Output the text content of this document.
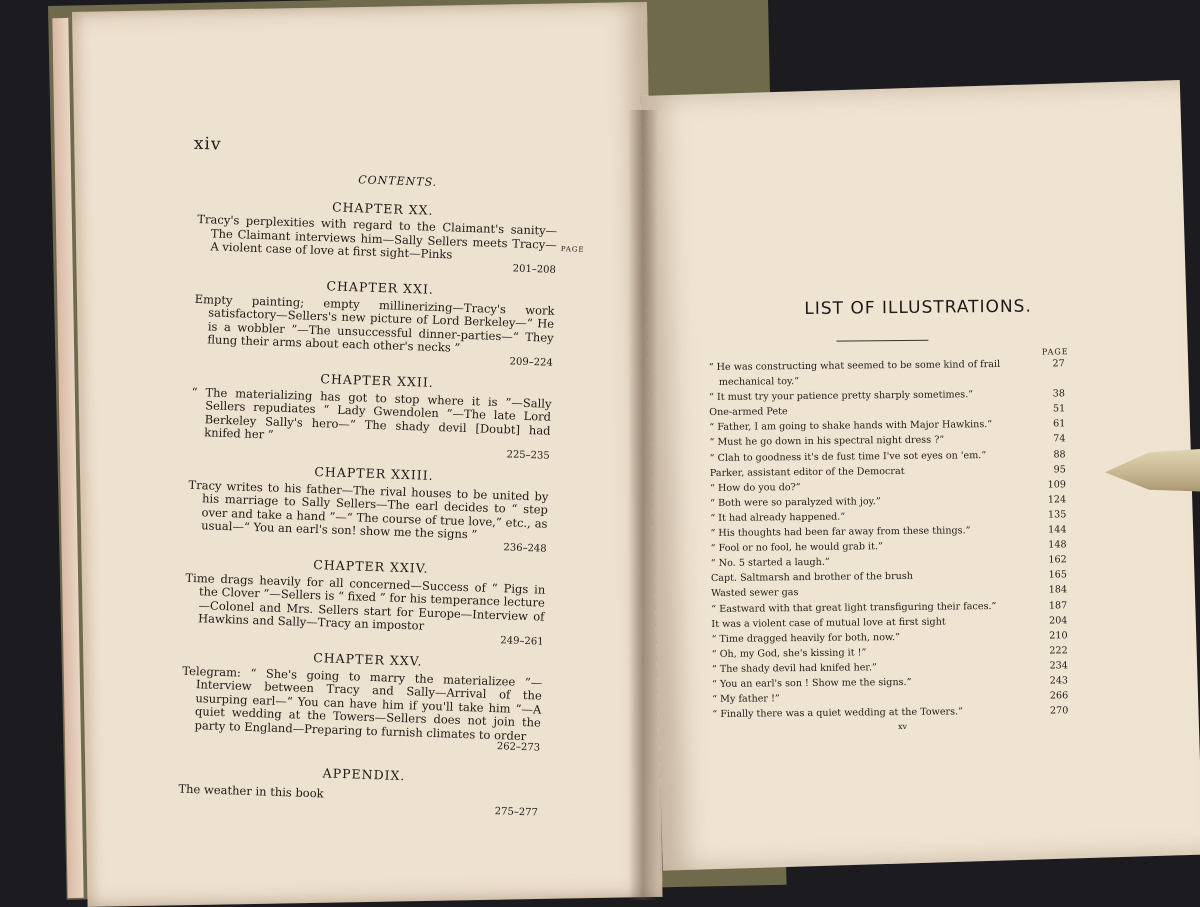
xiv
CONTENTS.
CHAPTER XX.
PAGE
Tracy's perplexities with regard to the Claimant's sanity—The Claimant interviews him—Sally Sellers meets Tracy—A violent case of love at first sight—Pinks
201–208
CHAPTER XXI.
Empty painting; empty millinerizing—Tracy's work satisfactory—Sellers's new picture of Lord Berkeley—“ He is a wobbler ”—The unsuccessful dinner-parties—“ They flung their arms about each other's necks ”
209–224
CHAPTER XXII.
“ The materializing has got to stop where it is ”—Sally Sellers repudiates “ Lady Gwendolen ”—The late Lord Berkeley Sally's hero—“ The shady devil [Doubt] had knifed her ”
225–235
CHAPTER XXIII.
Tracy writes to his father—The rival houses to be united by his marriage to Sally Sellers—The earl decides to “ step over and take a hand ”—“ The course of true love,” etc., as usual—“ You an earl's son! show me the signs ”
236–248
CHAPTER XXIV.
Time drags heavily for all concerned—Success of “ Pigs in the Clover ”—Sellers is “ fixed ” for his temperance lecture—Colonel and Mrs. Sellers start for Europe—Interview of Hawkins and Sally—Tracy an impostor
249–261
CHAPTER XXV.
Telegram: “ She's going to marry the materializee ”—Interview between Tracy and Sally—Arrival of the usurping earl—“ You can have him if you'll take him ”—A quiet wedding at the Towers—Sellers does not join the party to England—Preparing to furnish climates to order
262–273
APPENDIX.
The weather in this book
275–277
LIST OF ILLUSTRATIONS.
PAGE
“ He was constructing what seemed to be some kind of frail mechanical toy.”
27
“ It must try your patience pretty sharply sometimes.”	38
One-armed Pete	51
“ Father, I am going to shake hands with Major Hawkins.”	61
“ Must he go down in his spectral night dress ?”	74
“ Clah to goodness it's de fust time I've sot eyes on 'em.”	88
Parker, assistant editor of the Democrat	95
“ How do you do?”	109
“ Both were so paralyzed with joy.”	124
“ It had already happened.”	135
“ His thoughts had been far away from these things.”	144
“ Fool or no fool, he would grab it.”	148
“ No. 5 started a laugh.”	162
Capt. Saltmarsh and brother of the brush	165
Wasted sewer gas	184
“ Eastward with that great light transfiguring their faces.”	187
It was a violent case of mutual love at first sight	204
“ Time dragged heavily for both, now.”	210
“ Oh, my God, she's kissing it !”	222
“ The shady devil had knifed her.”	234
“ You an earl's son ! Show me the signs.”	243
“ My father !”	266
“ Finally there was a quiet wedding at the Towers.”	270
xv
